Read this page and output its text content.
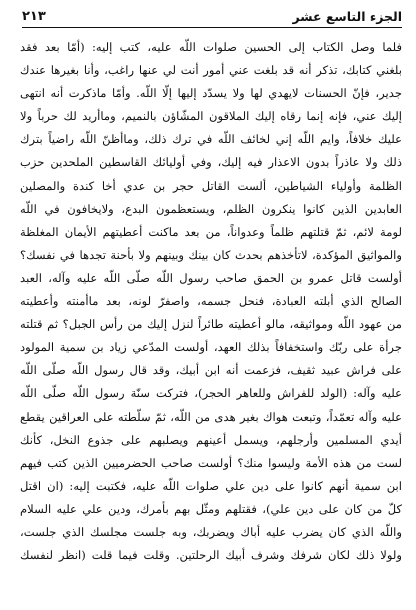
الجزء التاسع عشر
٢١٣
فلما وصل الكتاب إلى الحسين صلوات اللّه عليه، كتب إليه: (أمّا بعد فقد
بلغني كتابك، تذكر أنه قد بلغت عني أمور أنت لي عنها راغب، وأنا بغيرها عندك
جدير، فإنّ الحسنات لايهدي لها ولا يسدّد إليها إلّا اللّه. وأمّا ماذكرت أنه انتهى
إليك عني، فإنه إنما رقاه إليك الملاقون المشّاؤن بالنميم، وماأريد لك حرباً ولا
عليك خلافاً، وايم اللّه إني لخائف اللّه في ترك ذلك، وماأظنّ اللّه راضياً بترك
ذلك ولا عاذراً بدون الاعذار فيه إليك، وفي أوليائك القاسطين الملحدين حزب
الظلمة وأولياء الشياطين، ألست القاتل حجر بن عدي أخا كندة والمصلين
العابدين الذين كانوا ينكرون الظلم، ويستعظمون البدع، ولايخافون في اللّه
لومة لائم، ثمّ قتلتهم ظلماً وعدواناً، من بعد ماكنت أعطيتهم الأيمان المغلظة
والمواثيق المؤكدة، لاتأخذهم بحدث كان بينك وبينهم ولا بأحنة تجدها في نفسك؟
أولست قاتل عمرو بن الحمق صاحب رسول اللّه صلّى اللّه عليه وآله، العبد
الصالح الذي أبلته العبادة، فنحل جسمه، واصفرّ لونه، بعد ماأمنته وأعطيته
من عهود اللّه ومواثيقه، مالو أعطيته طائراً لنزل إليك من رأس الجبل؟ ثم قتلته
جرأة على ربّك واستخفافاً بذلك العهد، أولست المدّعي زياد بن سمية المولود
على فراش عبيد ثقيف، فزعمت أنه ابن أبيك، وقد قال رسول اللّه صلّى اللّه
عليه وآله: (الولد للفراش وللعاهر الحجر)، فتركت سنّة رسول اللّه صلّى اللّه
عليه وآله تعمّداً، وتبعت هواك بغير هدى من اللّه، ثمّ سلّطته على العراقين يقطع
أيدي المسلمين وأرجلهم، ويسمل أعينهم ويصلبهم على جذوع النخل، كأنك
لست من هذه الأمة وليسوا منك؟ أولست صاحب الحضرميين الذين كتب فيهم
ابن سمية أنهم كانوا على دين علي صلوات اللّه عليه، فكتبت إليه: (ان اقتل
كلّ من كان على دين علي)، فقتلهم ومثّل بهم بأمرك، ودين علي عليه السلام
واللّه الذي كان يضرب عليه أباك ويضربك، وبه جلست مجلسك الذي جلست،
ولولا ذلك لكان شرفك وشرف أبيك الرحلتين. وقلت فيما قلت (انظر لنفسك
